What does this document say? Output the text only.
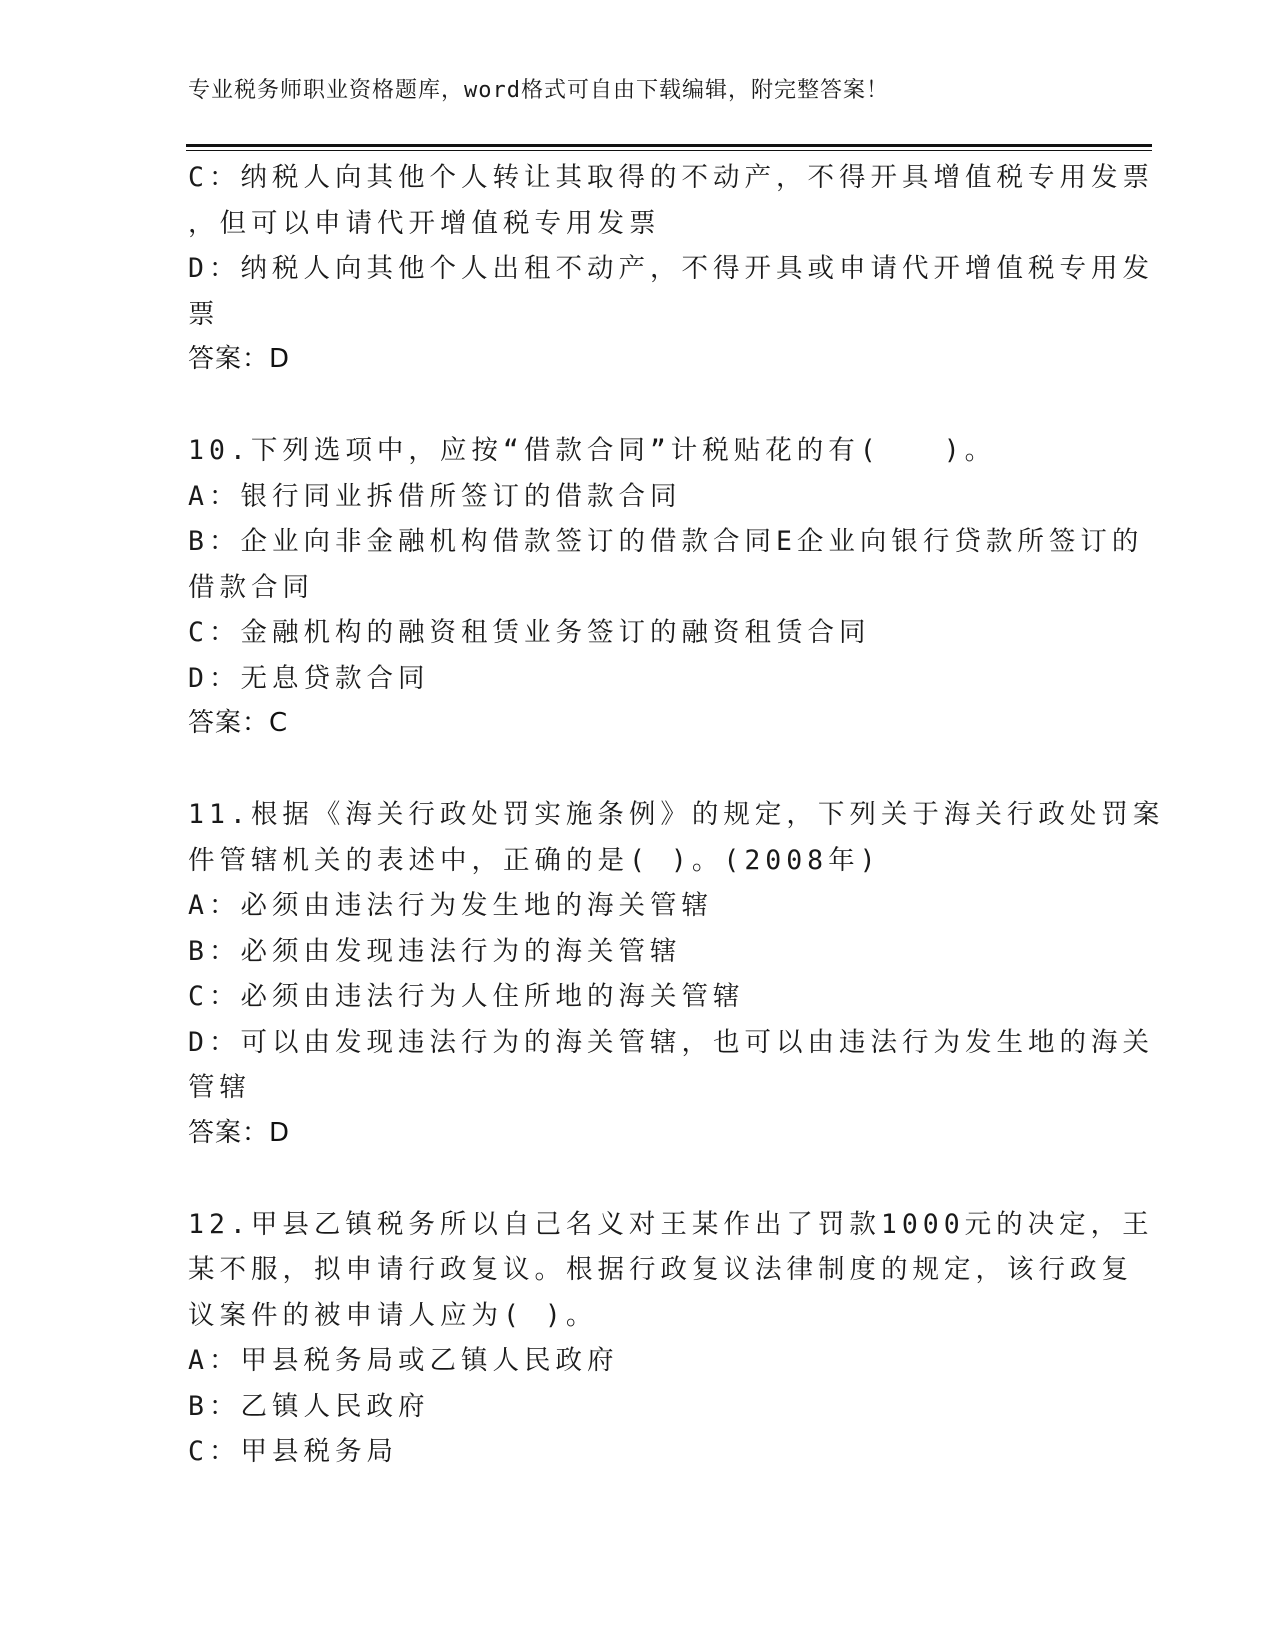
专业税务师职业资格题库，word格式可自由下载编辑，附完整答案！
C：纳税人向其他个人转让其取得的不动产，不得开具增值税专用发票
，但可以申请代开增值税专用发票
D：纳税人向其他个人出租不动产，不得开具或申请代开增值税专用发
票
答案：D
10.下列选项中，应按“借款合同”计税贴花的有(　　)。
A：银行同业拆借所签订的借款合同
B：企业向非金融机构借款签订的借款合同E企业向银行贷款所签订的
借款合同
C：金融机构的融资租赁业务签订的融资租赁合同
D：无息贷款合同
答案：C
11.根据《海关行政处罚实施条例》的规定，下列关于海关行政处罚案
件管辖机关的表述中，正确的是( )。(2008年)
A：必须由违法行为发生地的海关管辖
B：必须由发现违法行为的海关管辖
C：必须由违法行为人住所地的海关管辖
D：可以由发现违法行为的海关管辖，也可以由违法行为发生地的海关
管辖
答案：D
12.甲县乙镇税务所以自己名义对王某作出了罚款1000元的决定，王
某不服，拟申请行政复议。根据行政复议法律制度的规定，该行政复
议案件的被申请人应为( )。
A：甲县税务局或乙镇人民政府
B：乙镇人民政府
C：甲县税务局
